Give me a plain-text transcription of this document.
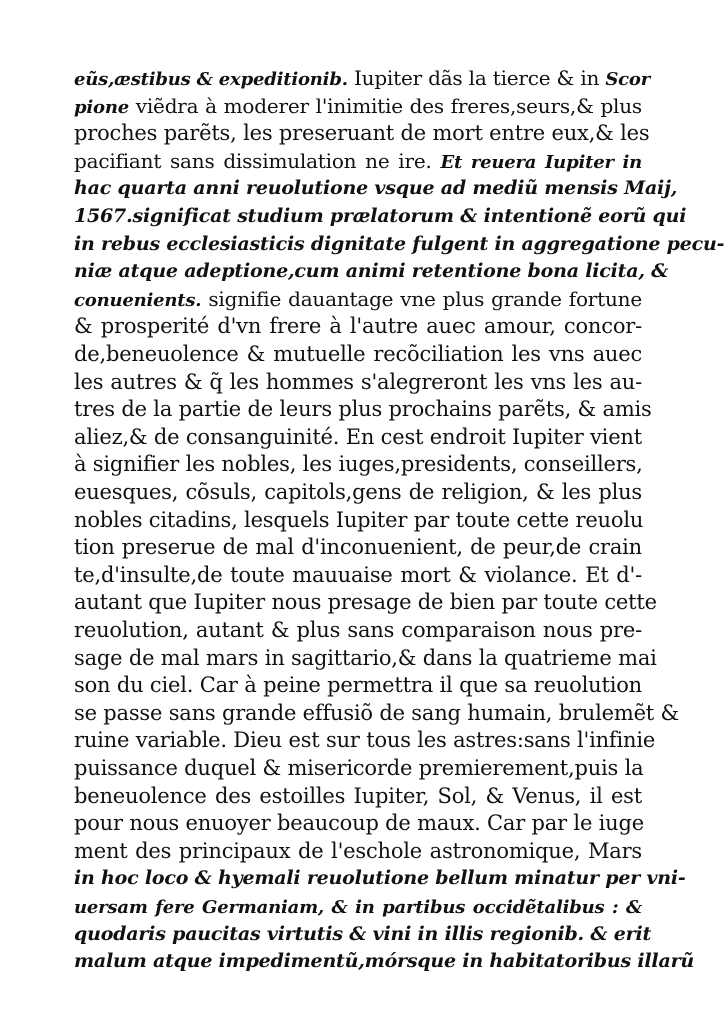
eũs,æstibus & expeditionib. Iupiter dãs la tierce & in Scor
pione viẽdra à moderer l'inimitie des freres,seurs,& plus
proches parẽts, les preseruant de mort entre eux,& les
pacifiant sans dissimulation ne ire. Et reuera Iupiter in
hac quarta anni reuolutione vsque ad mediũ mensis Maij,
1567.significat studium prælatorum & intentionẽ eorũ qui
in rebus ecclesiasticis dignitate fulgent in aggregatione pecu-
niæ atque adeptione,cum animi retentione bona licita, &
conuenients. signifie dauantage vne plus grande fortune
& prosperité d'vn frere à l'autre auec amour, concor-
de,beneuolence & mutuelle recõciliation les vns auec
les autres & q̃ les hommes s'alegreront les vns les au-
tres de la partie de leurs plus prochains parẽts, & amis
aliez,& de consanguinité. En cest endroit Iupiter vient
à signifier les nobles, les iuges,presidents, conseillers,
euesques, cõsuls, capitols,gens de religion, & les plus
nobles citadins, lesquels Iupiter par toute cette reuolu
tion preserue de mal d'inconuenient, de peur,de crain
te,d'insulte,de toute mauuaise mort & violance. Et d'-
autant que Iupiter nous presage de bien par toute cette
reuolution, autant & plus sans comparaison nous pre-
sage de mal mars in sagittario,& dans la quatrieme mai
son du ciel. Car à peine permettra il que sa reuolution
se passe sans grande effusiõ de sang humain, brulemẽt &
ruine variable. Dieu est sur tous les astres:sans l'infinie
puissance duquel & misericorde premierement,puis la
beneuolence des estoilles Iupiter, Sol, & Venus, il est
pour nous enuoyer beaucoup de maux. Car par le iuge
ment des principaux de l'eschole astronomique, Mars
in hoc loco & hyemali reuolutione bellum minatur per vni-
uersam fere Germaniam, & in partibus occidẽtalibus : &
quodaris paucitas virtutis & vini in illis regionib. & erit
malum atque impedimentũ,mórsque in habitatoribus illarũ
